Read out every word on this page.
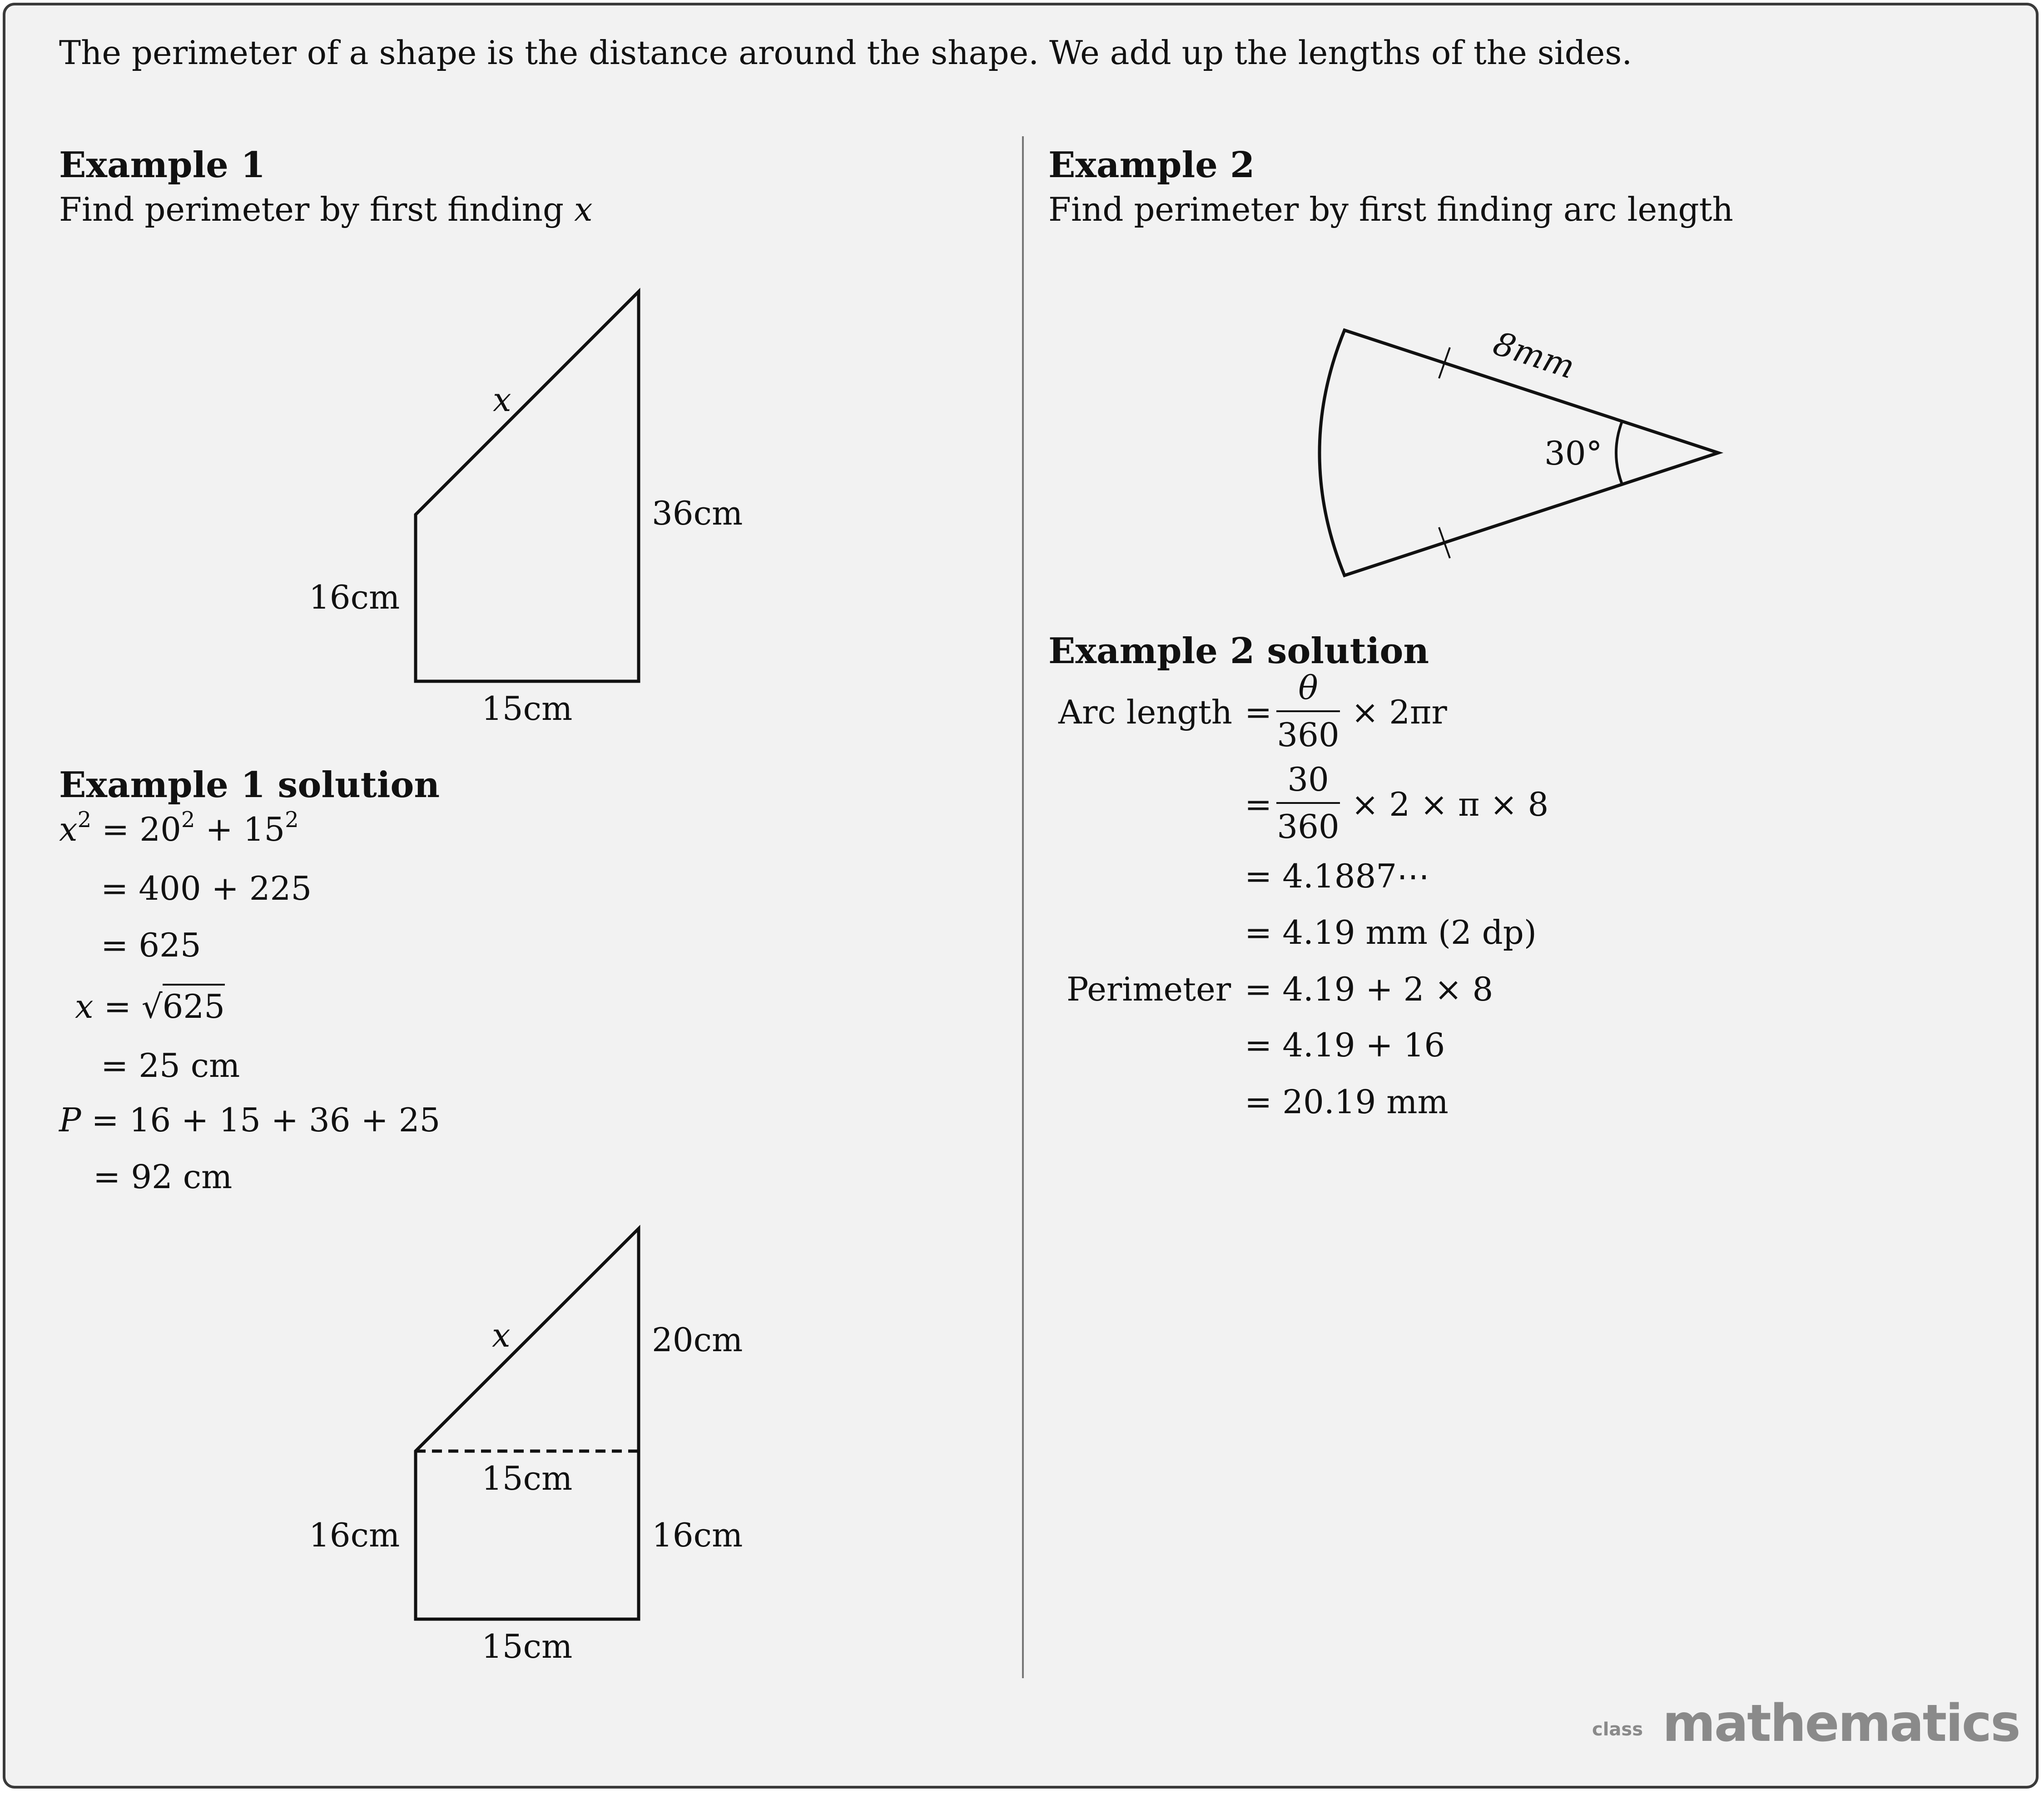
The perimeter of a shape is the distance around the shape. We add up the lengths of the sides.
Example 1
Find perimeter by first finding x
Example 1 solution
$x^2 = 20^2 + 15^2$
= 400 + 225
= 625
x = √625
= 25 cm
P = 16 + 15 + 36 + 25
= 92 cm
Example 2
Find perimeter by first finding arc length
Example 2 solution
Arc length = $\frac{\theta}{360} \times 2\pi r$
= $\frac{30}{360} \times 2 \times \pi \times 8$
= 4.1887⋯
= 4.19 mm (2 dp)
Perimeter = 4.19 + 2 × 8
= 4.19 + 16
= 20.19 mm
x
36cm
16cm
15cm
x	20cm
15cm
16cm	16cm
15cm
30°
8mm
class mathematics
